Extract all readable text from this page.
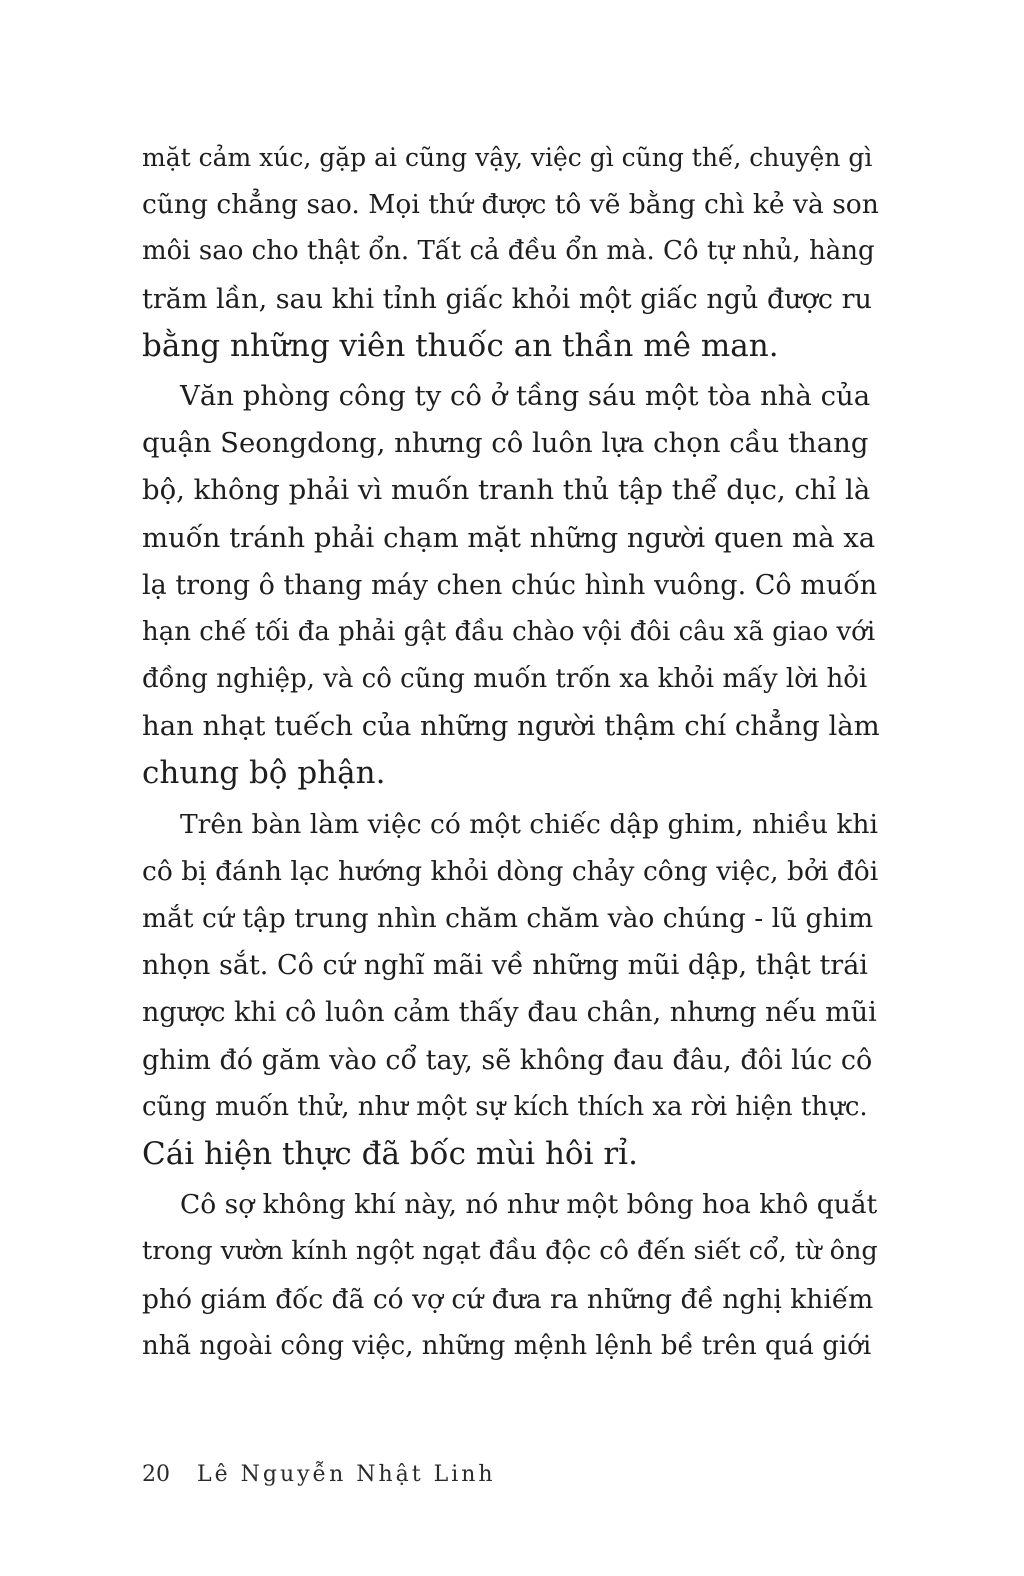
mặt cảm xúc, gặp ai cũng vậy, việc gì cũng thế, chuyện gì
cũng chẳng sao. Mọi thứ được tô vẽ bằng chì kẻ và son
môi sao cho thật ổn. Tất cả đều ổn mà. Cô tự nhủ, hàng
trăm lần, sau khi tỉnh giấc khỏi một giấc ngủ được ru
bằng những viên thuốc an thần mê man.
Văn phòng công ty cô ở tầng sáu một tòa nhà của
quận Seongdong, nhưng cô luôn lựa chọn cầu thang
bộ, không phải vì muốn tranh thủ tập thể dục, chỉ là
muốn tránh phải chạm mặt những người quen mà xa
lạ trong ô thang máy chen chúc hình vuông. Cô muốn
hạn chế tối đa phải gật đầu chào vội đôi câu xã giao với
đồng nghiệp, và cô cũng muốn trốn xa khỏi mấy lời hỏi
han nhạt tuếch của những người thậm chí chẳng làm
chung bộ phận.
Trên bàn làm việc có một chiếc dập ghim, nhiều khi
cô bị đánh lạc hướng khỏi dòng chảy công việc, bởi đôi
mắt cứ tập trung nhìn chăm chăm vào chúng - lũ ghim
nhọn sắt. Cô cứ nghĩ mãi về những mũi dập, thật trái
ngược khi cô luôn cảm thấy đau chân, nhưng nếu mũi
ghim đó găm vào cổ tay, sẽ không đau đâu, đôi lúc cô
cũng muốn thử, như một sự kích thích xa rời hiện thực.
Cái hiện thực đã bốc mùi hôi rỉ.
Cô sợ không khí này, nó như một bông hoa khô quắt
trong vườn kính ngột ngạt đầu độc cô đến siết cổ, từ ông
phó giám đốc đã có vợ cứ đưa ra những đề nghị khiếm
nhã ngoài công việc, những mệnh lệnh bề trên quá giới
20 Lê Nguyễn Nhật Linh
